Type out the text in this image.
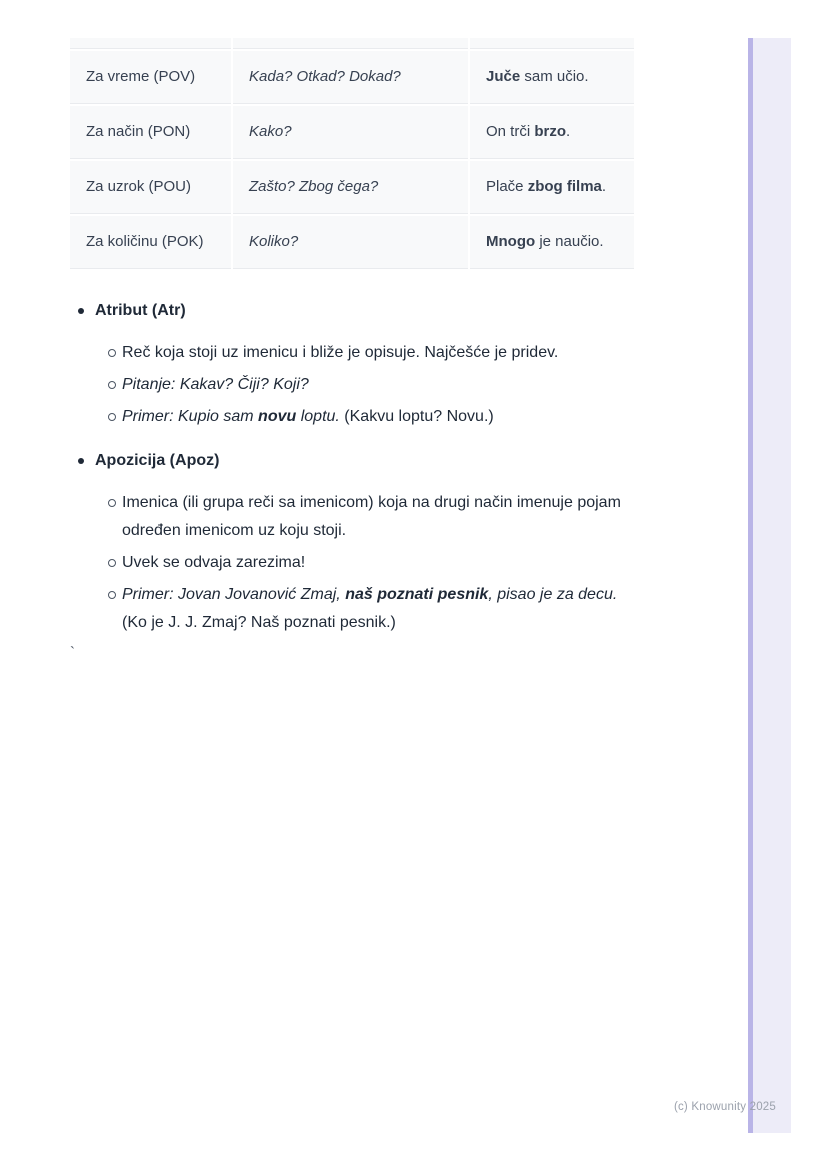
Za vreme (POV)	Kada? Otkad? Dokad?	Juče sam učio.
Za način (PON)	Kako?	On trči brzo.
Za uzrok (POU)	Zašto? Zbog čega?	Plače zbog filma.
Za količinu (POK)	Koliko?	Mnogo je naučio.
Atribut (Atr)
Reč koja stoji uz imenicu i bliže je opisuje. Najčešće je pridev.
Pitanje: Kakav? Čiji? Koji?
Primer: Kupio sam novu loptu. (Kakvu loptu? Novu.)
Apozicija (Apoz)
Imenica (ili grupa reči sa imenicom) koja na drugi način imenuje pojam
određen imenicom uz koju stoji.
Uvek se odvaja zarezima!
Primer: Jovan Jovanović Zmaj, naš poznati pesnik, pisao je za decu.
(Ko je J. J. Zmaj? Naš poznati pesnik.)
`
(c) Knowunity 2025
